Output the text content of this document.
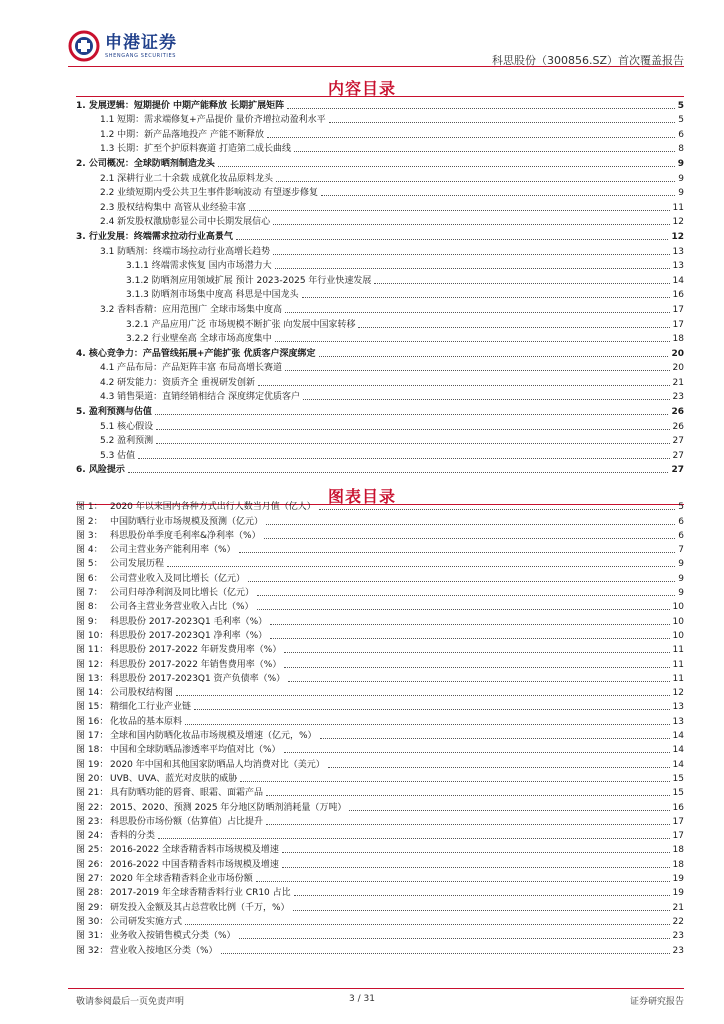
申港证券
SHENGANG SECURITIES	科思股份（300856.SZ）首次覆盖报告
内容目录
1. 发展逻辑：短期提价 中期产能释放 长期扩展矩阵	5
1.1 短期：需求端修复+产品提价 量价齐增拉动盈利水平	5
1.2 中期：新产品落地投产 产能不断释放	6
1.3 长期：扩至个护原料赛道 打造第二成长曲线	8
2. 公司概况：全球防晒剂制造龙头	9
2.1 深耕行业二十余载 成就化妆品原料龙头	9
2.2 业绩短期内受公共卫生事件影响波动 有望逐步修复	9
2.3 股权结构集中 高管从业经验丰富	11
2.4 新发股权激励彰显公司中长期发展信心	12
3. 行业发展：终端需求拉动行业高景气	12
3.1 防晒剂：终端市场拉动行业高增长趋势	13
3.1.1 终端需求恢复 国内市场潜力大	13
3.1.2 防晒剂应用领域扩展 预计 2023-2025 年行业快速发展	14
3.1.3 防晒剂市场集中度高 科思是中国龙头	16
3.2 香料香精：应用范围广 全球市场集中度高	17
3.2.1 产品应用广泛 市场规模不断扩张 向发展中国家转移	17
3.2.2 行业壁垒高 全球市场高度集中	18
4. 核心竞争力：产品管线拓展+产能扩张 优质客户深度绑定	20
4.1 产品布局：产品矩阵丰富 布局高增长赛道	20
4.2 研发能力：资质齐全 重视研发创新	21
4.3 销售渠道：直销经销相结合 深度绑定优质客户	23
5. 盈利预测与估值	26
5.1 核心假设	26
5.2 盈利预测	27
5.3 估值	27
6. 风险提示	27
图表目录
图 1： 2020 年以来国内各种方式出行人数当月值（亿人）	5
图 2： 中国防晒行业市场规模及预测（亿元）	6
图 3： 科思股份单季度毛利率&净利率（%）	6
图 4： 公司主营业务产能利用率（%）	7
图 5： 公司发展历程	9
图 6： 公司营业收入及同比增长（亿元）	9
图 7： 公司归母净利润及同比增长（亿元）	9
图 8： 公司各主营业务营业收入占比（%）	10
图 9： 科思股份 2017-2023Q1 毛利率（%）	10
图 10： 科思股份 2017-2023Q1 净利率（%）	10
图 11： 科思股份 2017-2022 年研发费用率（%）	11
图 12： 科思股份 2017-2022 年销售费用率（%）	11
图 13： 科思股份 2017-2023Q1 资产负债率（%）	11
图 14： 公司股权结构图	12
图 15： 精细化工行业产业链	13
图 16： 化妆品的基本原料	13
图 17： 全球和国内防晒化妆品市场规模及增速（亿元，%）	14
图 18： 中国和全球防晒品渗透率平均值对比（%）	14
图 19： 2020 年中国和其他国家防晒品人均消费对比（美元）	14
图 20： UVB、UVA、蓝光对皮肤的威胁	15
图 21： 具有防晒功能的唇膏、眼霜、面霜产品	15
图 22： 2015、2020、预测 2025 年分地区防晒剂消耗量（万吨）	16
图 23： 科思股份市场份额（估算值）占比提升	17
图 24： 香料的分类	17
图 25： 2016-2022 全球香精香料市场规模及增速	18
图 26： 2016-2022 中国香精香料市场规模及增速	18
图 27： 2020 年全球香精香料企业市场份额	19
图 28： 2017-2019 年全球香精香料行业 CR10 占比	19
图 29： 研发投入金额及其占总营收比例（千万，%）	21
图 30： 公司研发实施方式	22
图 31： 业务收入按销售模式分类（%）	23
图 32： 营业收入按地区分类（%）	23
敬请参阅最后一页免责声明	3 / 31	证券研究报告
